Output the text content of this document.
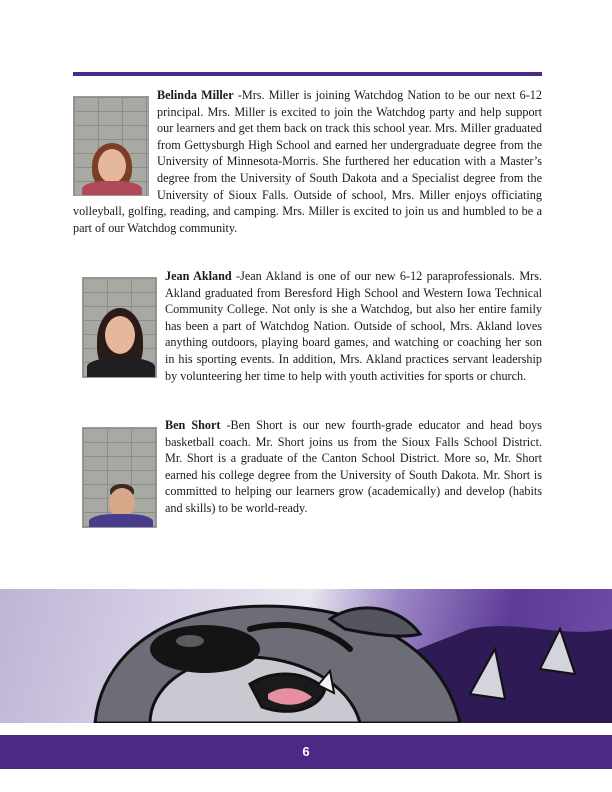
Belinda Miller -Mrs. Miller is joining Watchdog Nation to be our next 6-12 principal. Mrs. Miller is excited to join the Watchdog party and help support our learners and get them back on track this school year. Mrs. Miller graduated from Gettysburgh High School and earned her undergraduate degree from the University of Minnesota-Morris. She furthered her education with a Master’s degree from the University of South Dakota and a Specialist degree from the University of Sioux Falls. Outside of school, Mrs. Miller enjoys officiating volleyball, golfing, reading, and camping. Mrs. Miller is excited to join us and humbled to be a part of our Watchdog community.
Jean Akland -Jean Akland is one of our new 6-12 paraprofessionals. Mrs. Akland graduated from Beresford High School and Western Iowa Technical Community College. Not only is she a Watchdog, but also her entire family has been a part of Watchdog Nation. Outside of school, Mrs. Akland loves anything outdoors, playing board games, and watching or coaching her son in his sporting events. In addition, Mrs. Akland practices servant leadership by volunteering her time to help with youth activities for sports or church.
Ben Short -Ben Short is our new fourth-grade educator and head boys basketball coach. Mr. Short joins us from the Sioux Falls School District. Mr. Short is a graduate of the Canton School District. More so, Mr. Short earned his college degree from the University of South Dakota. Mr. Short is committed to helping our learners grow (academically) and develop (habits and skills) to be world-ready.
6
